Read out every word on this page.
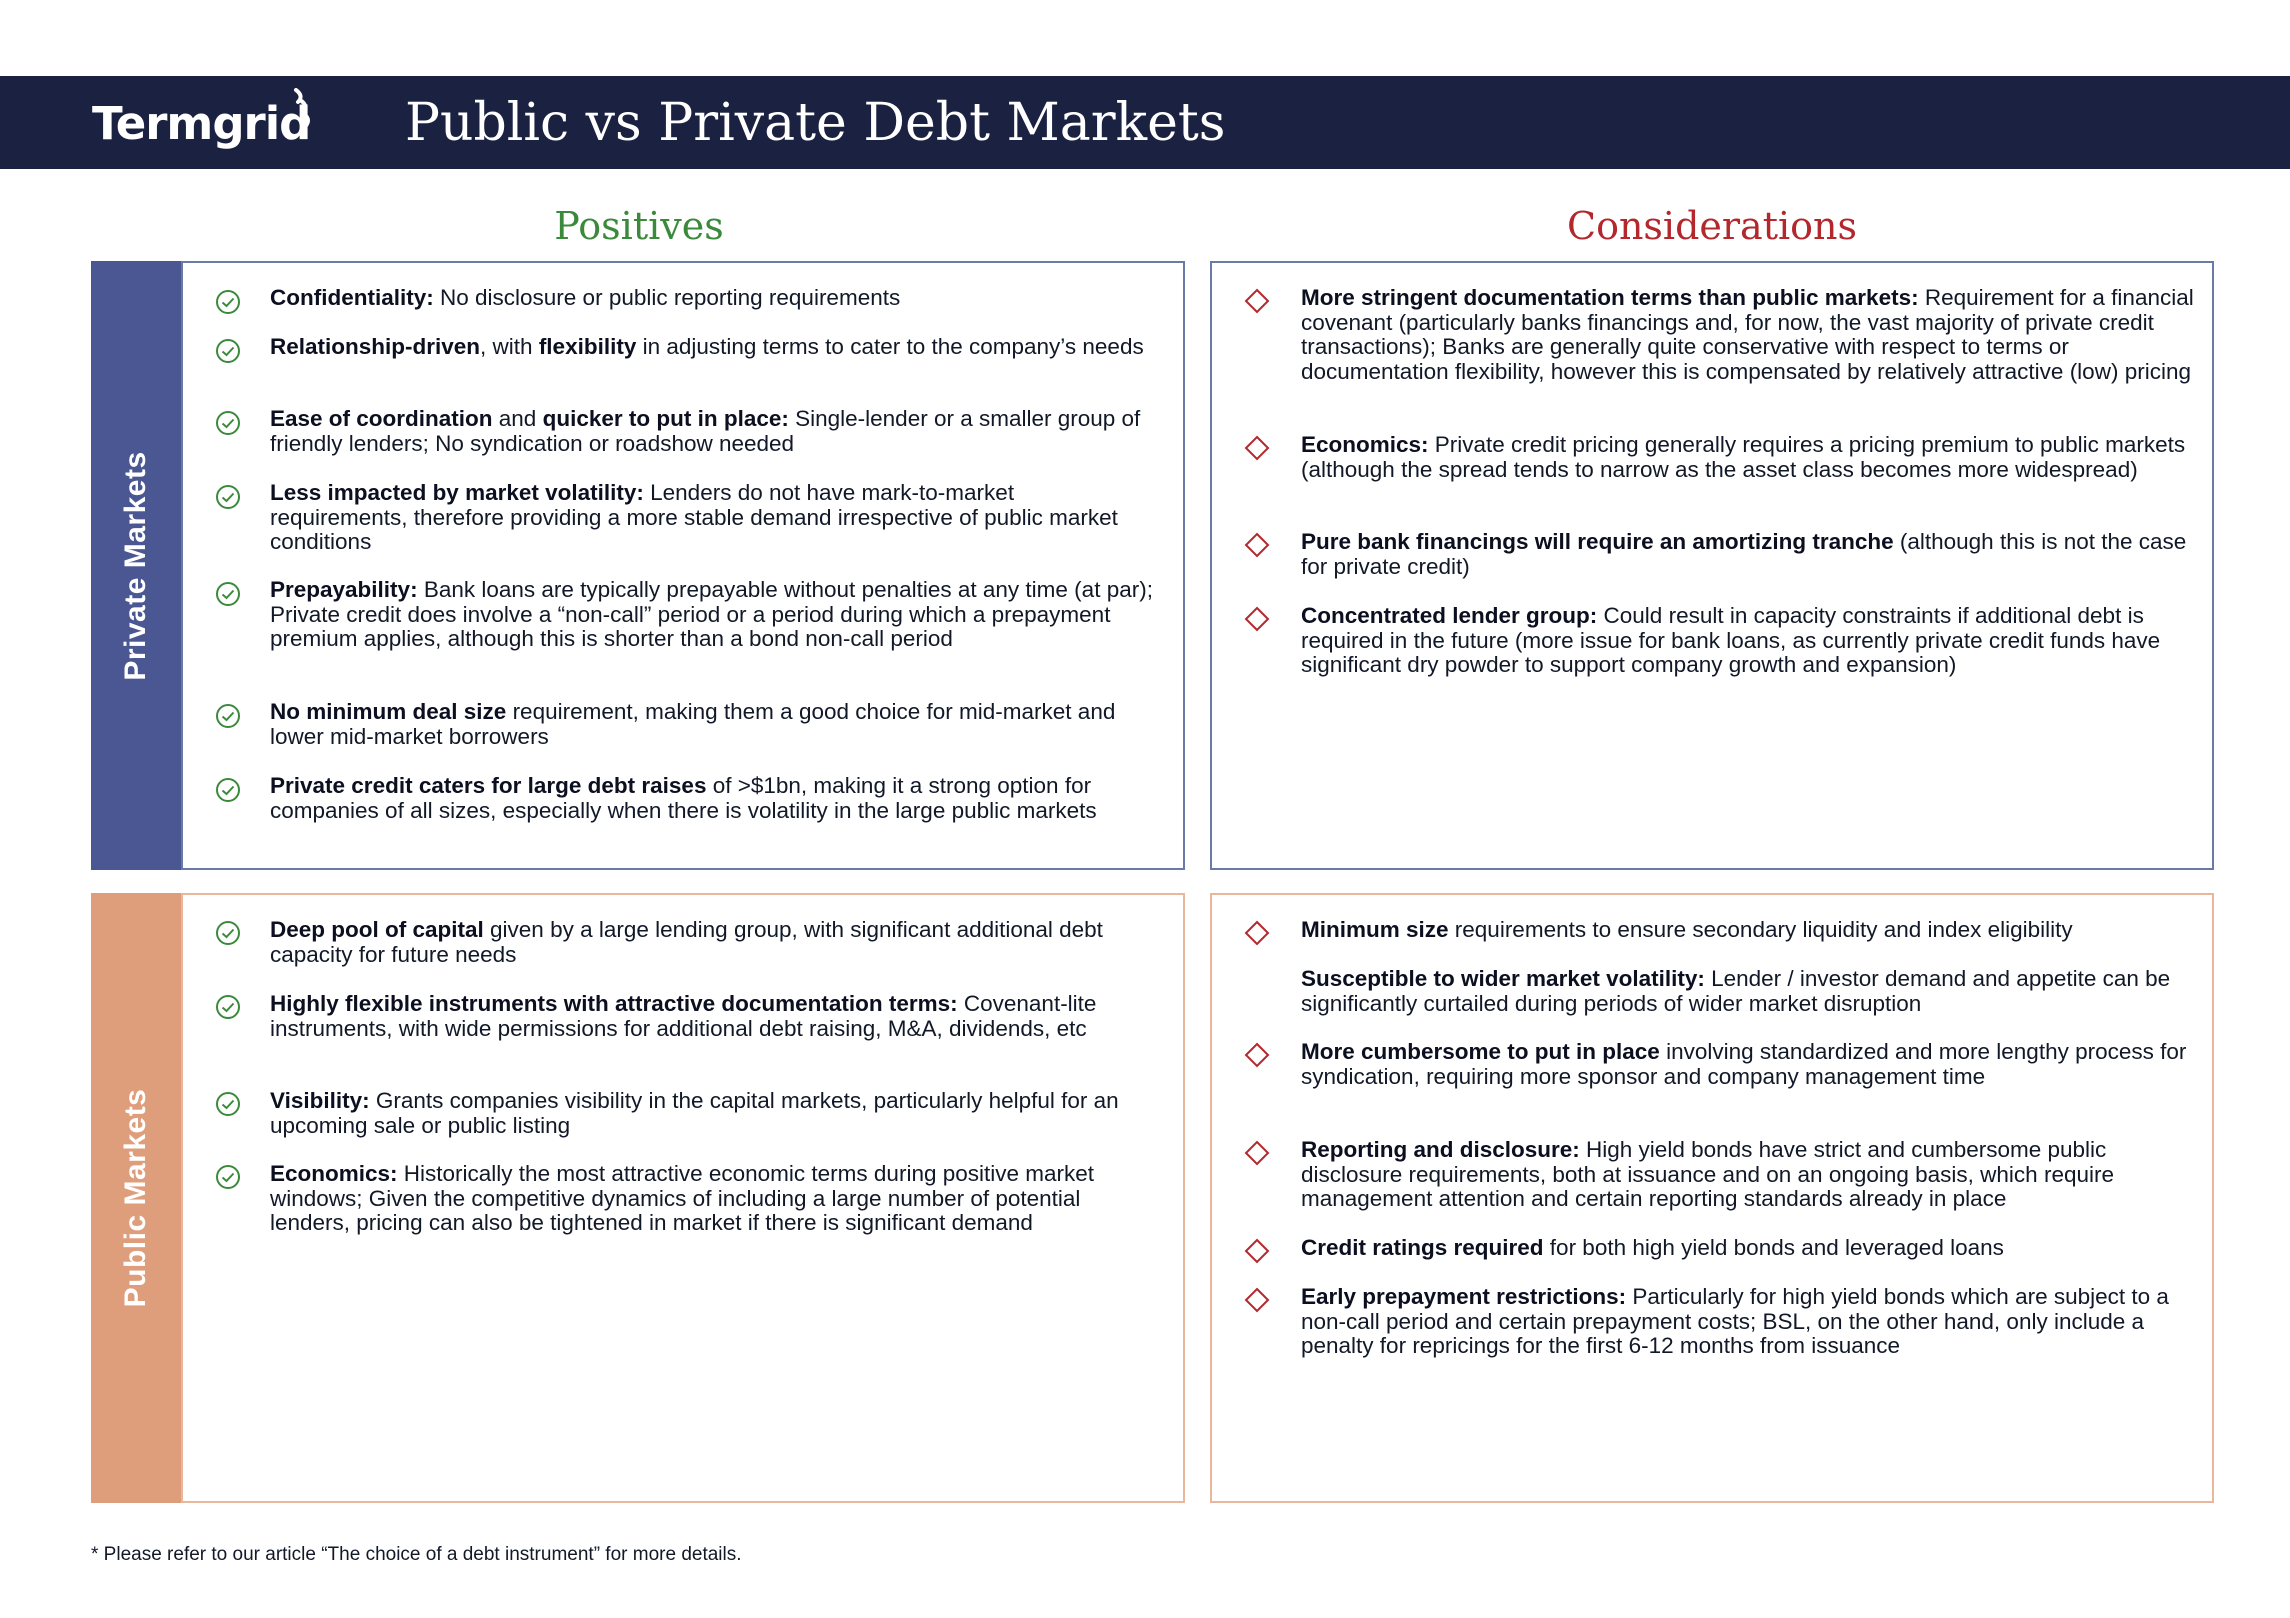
Termgrid Public vs Private Debt Markets
Positives	Considerations
Private Markets
Confidentiality: No disclosure or public reporting requirements
Relationship-driven, with flexibility in adjusting terms to cater to the company’s needs
Ease of coordination and quicker to put in place: Single-lender or a smaller group of friendly lenders; No syndication or roadshow needed
Less impacted by market volatility: Lenders do not have mark-to-market requirements, therefore providing a more stable demand irrespective of public market conditions
Prepayability: Bank loans are typically prepayable without penalties at any time (at par); Private credit does involve a “non-call” period or a period during which a prepayment premium applies, although this is shorter than a bond non-call period
No minimum deal size requirement, making them a good choice for mid-market and lower mid-market borrowers
Private credit caters for large debt raises of >$1bn, making it a strong option for companies of all sizes, especially when there is volatility in the large public markets
More stringent documentation terms than public markets: Requirement for a financial covenant (particularly banks financings and, for now, the vast majority of private credit transactions); Banks are generally quite conservative with respect to terms or documentation flexibility, however this is compensated by relatively attractive (low) pricing
Economics: Private credit pricing generally requires a pricing premium to public markets (although the spread tends to narrow as the asset class becomes more widespread)
Pure bank financings will require an amortizing tranche (although this is not the case for private credit)
Concentrated lender group: Could result in capacity constraints if additional debt is required in the future (more issue for bank loans, as currently private credit funds have significant dry powder to support company growth and expansion)
Public Markets
Deep pool of capital given by a large lending group, with significant additional debt capacity for future needs
Highly flexible instruments with attractive documentation terms: Covenant-lite instruments, with wide permissions for additional debt raising, M&A, dividends, etc
Visibility: Grants companies visibility in the capital markets, particularly helpful for an upcoming sale or public listing
Economics: Historically the most attractive economic terms during positive market windows; Given the competitive dynamics of including a large number of potential lenders, pricing can also be tightened in market if there is significant demand
Minimum size requirements to ensure secondary liquidity and index eligibility
Susceptible to wider market volatility: Lender / investor demand and appetite can be significantly curtailed during periods of wider market disruption
More cumbersome to put in place involving standardized and more lengthy process for syndication, requiring more sponsor and company management time
Reporting and disclosure: High yield bonds have strict and cumbersome public disclosure requirements, both at issuance and on an ongoing basis, which require management attention and certain reporting standards already in place
Credit ratings required for both high yield bonds and leveraged loans
Early prepayment restrictions: Particularly for high yield bonds which are subject to a non-call period and certain prepayment costs; BSL, on the other hand, only include a penalty for repricings for the first 6-12 months from issuance
* Please refer to our article “The choice of a debt instrument” for more details.
